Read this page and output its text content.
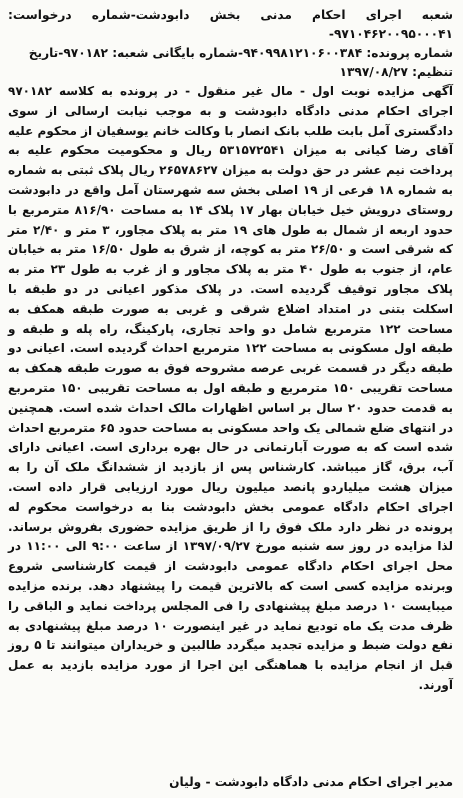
شعبه اجرای احکام مدنی بخش دابودشت-شماره درخواست: ۹۷۱۰۴۶۲۰۰۹۵۰۰۰۴۱-
شماره پرونده: ۹۴۰۹۹۸۱۲۱۰۶۰۰۳۸۴-شماره بایگانی شعبه: ۹۷۰۱۸۲-تاریخ
تنظیم: ۱۳۹۷/۰۸/۲۷

آگهی مزایده نوبت اول - مال غیر منقول - در پرونده به کلاسه ۹۷۰۱۸۲ اجرای احکام مدنی دادگاه دابودشت و به موجب نیابت ارسالی از سوی دادگستری آمل بابت طلب بانک انصار با وکالت خانم یوسفیان از محکوم علیه آقای رضا کیانی به میزان ۵۳۱۵۷۲۵۴۱ ریال و محکومیت محکوم علیه به پرداخت نیم عشر در حق دولت به میزان ۲۶۵۷۸۶۲۷ ریال پلاک ثبتی به شماره به شماره ۱۸ فرعی از ۱۹ اصلی بخش سه شهرستان آمل واقع در دابودشت روستای درویش خیل خیابان بهار ۱۷ پلاک ۱۴ به مساحت ۸۱۶/۹۰ مترمربع با حدود اربعه از شمال به طول های ۱۹ متر به پلاک مجاور، ۳ متر و ۲/۴۰ متر که شرقی است و ۲۶/۵۰ متر به کوچه، از شرق به طول ۱۶/۵۰ متر به خیابان عام، از جنوب به طول ۴۰ متر به پلاک مجاور و از غرب به طول ۲۳ متر به پلاک مجاور توقیف گردیده است. در پلاک مذکور اعیانی در دو طبقه با اسکلت بتنی در امتداد اضلاع شرقی و غربی به صورت طبقه همکف به مساحت ۱۲۲ مترمربع شامل دو واحد تجاری، پارکینگ، راه پله و طبقه و طبقه اول مسکونی به مساحت ۱۲۲ مترمربع احداث گردیده است. اعیانی دو طبقه دیگر در قسمت غربی عرصه مشروحه فوق به صورت طبقه همکف به مساحت تقریبی ۱۵۰ مترمربع و طبقه اول به مساحت تقریبی ۱۵۰ مترمربع به قدمت حدود ۲۰ سال بر اساس اظهارات مالک احداث شده است. همچنین در انتهای ضلع شمالی یک واحد مسکونی به مساحت حدود ۶۵ مترمربع احداث شده است که به صورت آبارتمانی در حال بهره برداری است. اعیانی دارای آب، برق، گاز میباشد. کارشناس پس از بازدید از ششدانگ ملک آن را به میزان هشت میلیاردو پانصد میلیون ریال مورد ارزیابی قرار داده است. اجرای احکام دادگاه عمومی بخش دابودشت بنا به درخواست محکوم له پرونده در نظر دارد ملک فوق را از طریق مزایده حضوری بفروش برساند. لذا مزایده در روز سه شنبه مورخ ۱۳۹۷/۰۹/۲۷ از ساعت ۹:۰۰ الی ۱۱:۰۰ در محل اجرای احکام دادگاه عمومی دابودشت از قیمت کارشناسی شروع وبرنده مزایده کسی است که بالاترین قیمت را پیشنهاد دهد. برنده مزایده میبایست ۱۰ درصد مبلغ پیشنهادی را فی المجلس پرداخت نماید و الباقی را ظرف مدت یک ماه تودیع نماید در غیر اینصورت ۱۰ درصد مبلغ پیشنهادی به نفع دولت ضبط و مزایده تجدید میگردد طالبین و خریداران میتوانند تا ۵ روز قبل از انجام مزایده با هماهنگی این اجرا از مورد مزایده بازدید به عمل آورند.

مدیر اجرای احکام مدنی دادگاه دابودشت - ولیان
